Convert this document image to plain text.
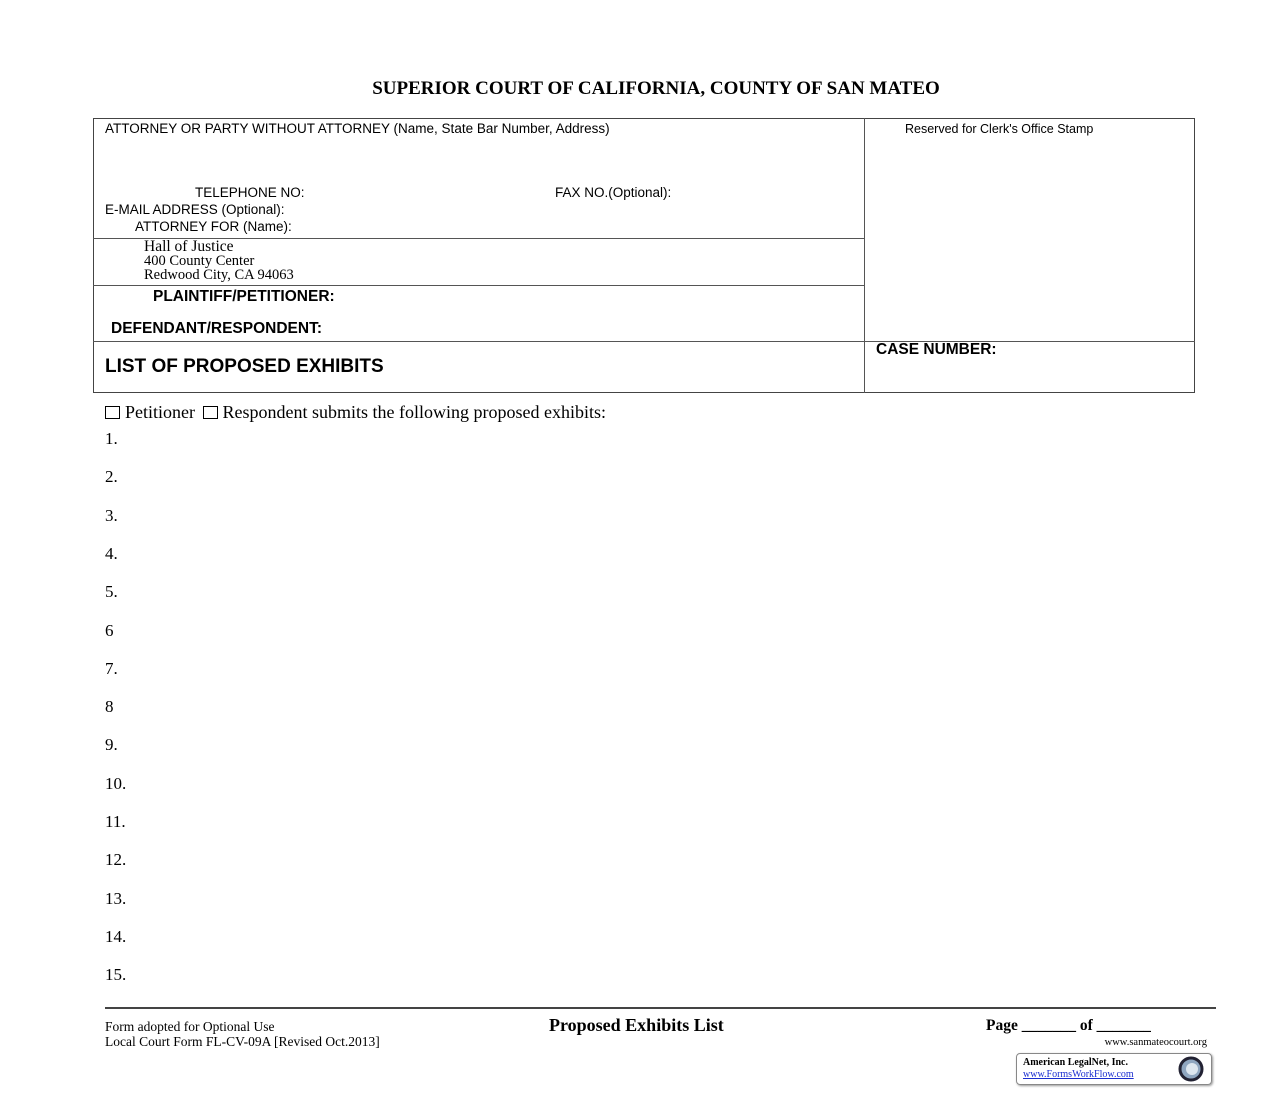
SUPERIOR COURT OF CALIFORNIA, COUNTY OF SAN MATEO
ATTORNEY OR PARTY WITHOUT ATTORNEY (Name, State Bar Number, Address)
TELEPHONE NO:	FAX NO.(Optional):
E-MAIL ADDRESS (Optional):
ATTORNEY FOR (Name):
Hall of Justice
400 County Center
Redwood City, CA 94063
PLAINTIFF/PETITIONER:
DEFENDANT/RESPONDENT:
LIST OF PROPOSED EXHIBITS
Reserved for Clerk's Office Stamp
CASE NUMBER:
Petitioner Respondent submits the following proposed exhibits:
1.
2.
3.
4.
5.
6
7.
8
9.
10.
11.
12.
13.
14.
15.
Form adopted for Optional Use
Local Court Form FL-CV-09A [Revised Oct.2013]
Proposed Exhibits List	Page _______ of _______
www.sanmateocourt.org
American LegalNet, Inc.
www.FormsWorkFlow.com
